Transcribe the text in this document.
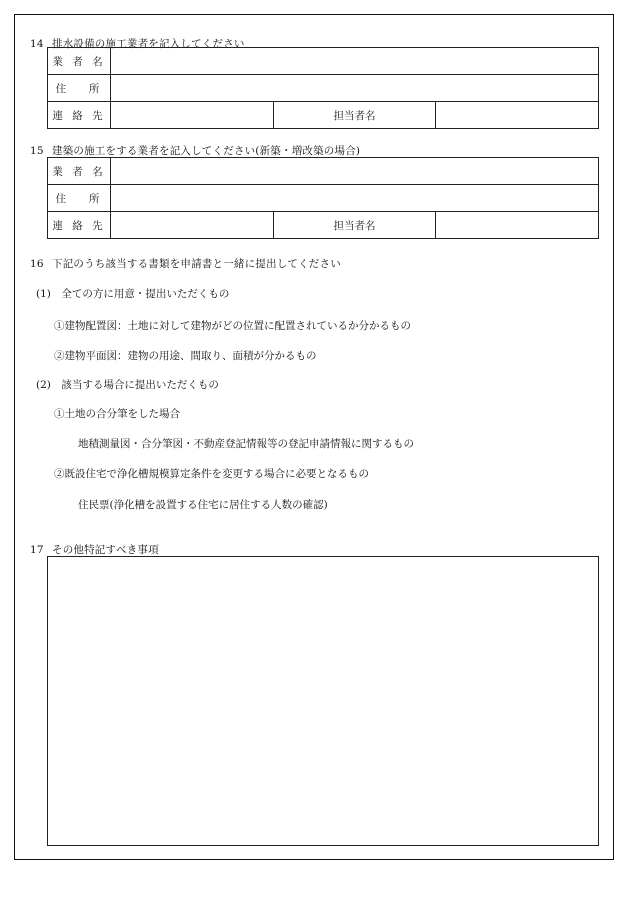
14 排水設備の施工業者を記入してください
業 者 名			
住　 所			
連 絡 先		担当者名	
15 建築の施工をする業者を記入してください(新築・増改築の場合)
業 者 名			
住　 所			
連 絡 先		担当者名	
16 下記のうち該当する書類を申請書と一緒に提出してください
(1)　全ての方に用意・提出いただくもの
①建物配置図：土地に対して建物がどの位置に配置されているか分かるもの
②建物平面図：建物の用途、間取り、面積が分かるもの
(2)　該当する場合に提出いただくもの
①土地の合分筆をした場合
地積測量図・合分筆図・不動産登記情報等の登記申請情報に関するもの
②既設住宅で浄化槽規模算定条件を変更する場合に必要となるもの
住民票(浄化槽を設置する住宅に居住する人数の確認)
17 その他特記すべき事項
